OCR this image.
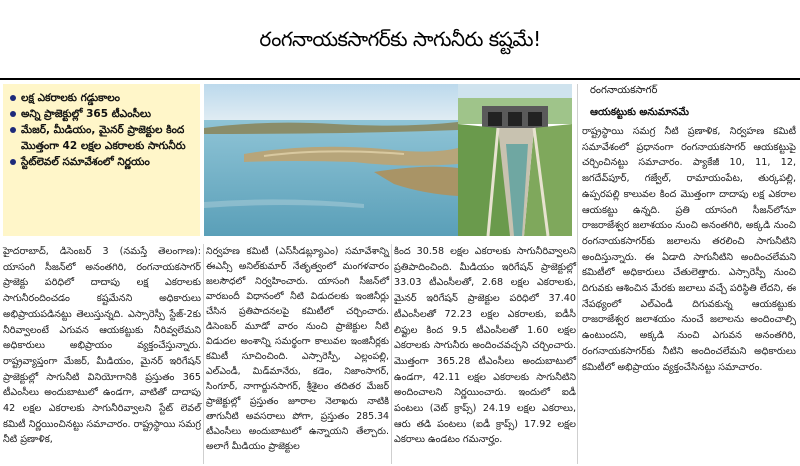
రంగనాయకసాగర్‌కు సాగునీరు కష్టమే!
లక్ష ఎకరాలకు గడ్డుకాలం
అన్ని ప్రాజెక్టుల్లో 365 టీఎంసీలు
మేజర్‌, మీడియం, మైనర్‌ ప్రాజెక్టుల కింద మొత్తంగా 42 లక్షల ఎకరాలకు సాగునీరు
స్టేట్‌లెవల్‌ సమావేశంలో నిర్ణయం
రంగనాయకసాగర్‌
ఆయకట్టుకు అనుమానమే

హైదరాబాద్‌, డిసెంబర్‌ 3 (నమస్తే తెలంగాణ): యాసంగి సీజన్‌లో అనంతగిరి, రంగనాయకసాగర్‌ ప్రాజెక్టు పరిధిలో దాదాపు లక్ష ఎకరాలకు సాగునీరందించడం కష్టమేనని అధికారులు అభిప్రాయపడినట్టు తెలుస్తున్నది. ఎస్సారెస్పీ స్టేజ్‌-2కు నీరివ్వాలంటే ఎగువన ఆయకట్టుకు నీరివ్వలేమని అధికారులు అభిప్రాయం వ్యక్తంచేస్తున్నారు. రాష్ట్రవ్యాప్తంగా మేజర్‌, మీడియం, మైనర్‌ ఇరిగేషన్‌ ప్రాజెక్టుల్లో సాగునీటి వినియోగానికి ప్రస్తుతం 365 టీఎంసీలు అందుబాటులో ఉండగా, వాటితో దాదాపు 42 లక్షల ఎకరాలకు సాగునీరివ్వాలని స్టేట్‌ లెవల్‌ కమిటీ నిర్ణయించినట్టు సమాచారం. రాష్ట్రస్థాయి సమగ్ర నీటి ప్రణాళిక,

నిర్వహణ కమిటీ (ఎస్‌సీడబ్ల్యూఎం) సమావేశాన్ని ఈఎన్సీ అనిల్‌కుమార్‌ నేతృత్వంలో మంగళవారం జలసౌధలో నిర్వహించారు. యాసంగి సీజన్‌లో వారబందీ విధానంలో నీటి విడుదలకు ఇంజినీర్లు చేసిన ప్రతిపాదనలపై కమిటీలో చర్చించారు. డిసెంబర్‌ మూడో వారం నుంచి ప్రాజెక్టుల నీటి విడుదల అంశాన్ని సమర్థంగా కాలువల ఇంజినీర్లకు కమిటీ సూచించింది. ఎస్సారెస్పీ, ఎల్లంపల్లి, ఎల్‌ఎండీ, మిడ్‌మానేరు, కడెం, నిజాంసాగర్‌, సింగూర్‌, నాగార్జునసాగర్‌, శ్రీశైలం తదితర మేజర్‌ ప్రాజెక్టుల్లో ప్రస్తుతం జూరాల నెలాఖరు నాటికి తాగునీటి అవసరాలు పోగా, ప్రస్తుతం 285.34 టీఎంసీలు అందుబాటులో ఉన్నాయని తేల్చారు. అలాగే మీడియం ప్రాజెక్టుల

కింద 30.58 లక్షల ఎకరాలకు సాగునీరివ్వాలని ప్రతిపాదించింది. మీడియం ఇరిగేషన్‌ ప్రాజెక్టుల్లో 33.03 టీఎంసీలతో, 2.68 లక్షల ఎకరాలకు, మైనర్‌ ఇరిగేషన్‌ ప్రాజెక్టుల పరిధిలో 37.40 టీఎంసీలతో 72.23 లక్షల ఎకరాలకు, ఐడీసీ లిఫ్టుల కింద 9.5 టీఎంసీలతో 1.60 లక్షల ఎకరాలకు సాగునీరు అందించవచ్చని చర్చించారు. మొత్తంగా 365.28 టీఎంసీలు అందుబాటులో ఉండగా, 42.11 లక్షల ఎకరాలకు సాగునీటిని అందించాలని నిర్ణయించారు. ఇందులో ఐడీ పంటలు (వెట్‌ క్రాప్స్‌) 24.19 లక్షల ఎకరాలు, ఆరు తడి పంటలు (ఐడీ క్రాప్స్‌) 17.92 లక్షల ఎకరాలు ఉండటం గమనార్హం.

రాష్ట్రస్థాయి సమగ్ర నీటి ప్రణాళిక, నిర్వహణ కమిటీ సమావేశంలో ప్రధానంగా రంగనాయకసాగర్‌ ఆయకట్టుపై చర్చించినట్టు సమాచారం. ప్యాకేజీ 10, 11, 12, జగదేవ్‌పూర్‌, గజ్వేల్‌, రామాయంపేట, తుర్కపల్లి, ఉప్పరపల్లి కాలువల కింద మొత్తంగా దాదాపు లక్ష ఎకరాల ఆయకట్టు ఉన్నది. ప్రతి యాసంగి సీజన్‌లోనూ రాజరాజేశ్వర జలాశయం నుంచి అనంతగిరి, అక్కడి నుంచి రంగనాయకసాగర్‌కు జలాలను తరలించి సాగునీటిని అందిస్తున్నారు. ఈ ఏడాది సాగునీటిని అందించలేమని కమిటీలో అధికారులు చేతులెత్తారు. ఎస్సారెస్పీ నుంచి దిగువకు ఆశించిన మేరకు జలాలు వచ్చే పరిస్థితి లేదని, ఈ నేపథ్యంలో ఎల్‌ఎండీ దిగువకున్న ఆయకట్టుకు రాజరాజేశ్వర జలాశయం నుంచే జలాలను అందించాల్సి ఉంటుందని, అక్కడి నుంచి ఎగువన అనంతగిరి, రంగనాయకసాగర్‌కు నీటిని అందించలేమని అధికారులు కమిటీలో అభిప్రాయం వ్యక్తంచేసినట్టు సమాచారం.
